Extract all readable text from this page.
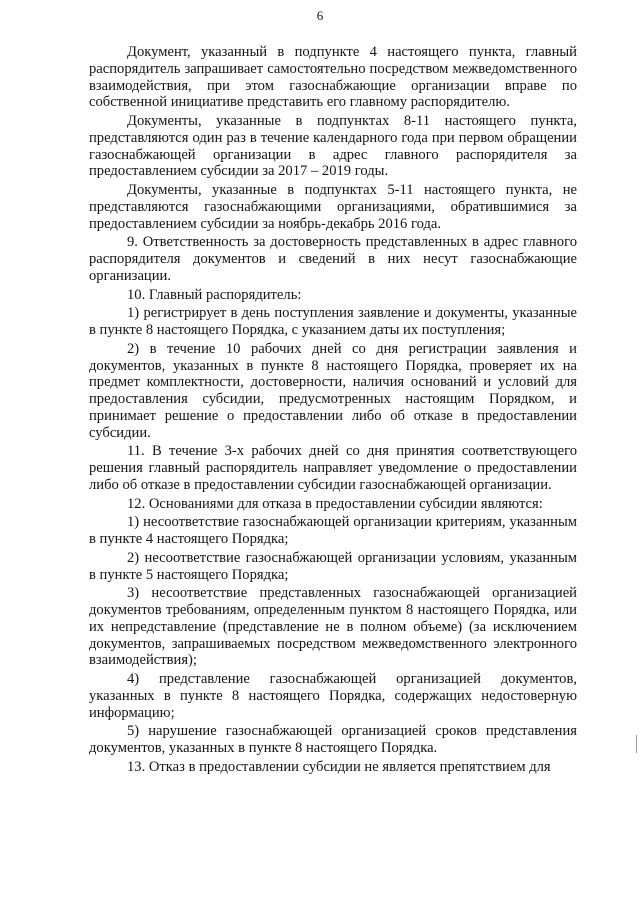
6

Документ, указанный в подпункте 4 настоящего пункта, главный распорядитель запрашивает самостоятельно посредством межведомственного взаимодействия, при этом газоснабжающие организации вправе по собственной инициативе представить его главному распорядителю.

Документы, указанные в подпунктах 8-11 настоящего пункта, представляются один раз в течение календарного года при первом обращении газоснабжающей организации в адрес главного распорядителя за предоставлением субсидии за 2017 – 2019 годы.

Документы, указанные в подпунктах 5-11 настоящего пункта, не представляются газоснабжающими организациями, обратившимися за предоставлением субсидии за ноябрь-декабрь 2016 года.

9. Ответственность за достоверность представленных в адрес главного распорядителя документов и сведений в них несут газоснабжающие организации.

10. Главный распорядитель:

1) регистрирует в день поступления заявление и документы, указанные в пункте 8 настоящего Порядка, с указанием даты их поступления;

2) в течение 10 рабочих дней со дня регистрации заявления и документов, указанных в пункте 8 настоящего Порядка, проверяет их на предмет комплектности, достоверности, наличия оснований и условий для предоставления субсидии, предусмотренных настоящим Порядком, и принимает решение о предоставлении либо об отказе в предоставлении субсидии.

11. В течение 3-х рабочих дней со дня принятия соответствующего решения главный распорядитель направляет уведомление о предоставлении либо об отказе в предоставлении субсидии газоснабжающей организации.

12. Основаниями для отказа в предоставлении субсидии являются:

1) несоответствие газоснабжающей организации критериям, указанным в пункте 4 настоящего Порядка;

2) несоответствие газоснабжающей организации условиям, указанным в пункте 5 настоящего Порядка;

3) несоответствие представленных газоснабжающей организацией документов требованиям, определенным пунктом 8 настоящего Порядка, или их непредставление (представление не в полном объеме) (за исключением документов, запрашиваемых посредством межведомственного электронного взаимодействия);

4) представление газоснабжающей организацией документов, указанных в пункте 8 настоящего Порядка, содержащих недостоверную информацию;

5) нарушение газоснабжающей организацией сроков представления документов, указанных в пункте 8 настоящего Порядка.

13. Отказ в предоставлении субсидии не является препятствием для
